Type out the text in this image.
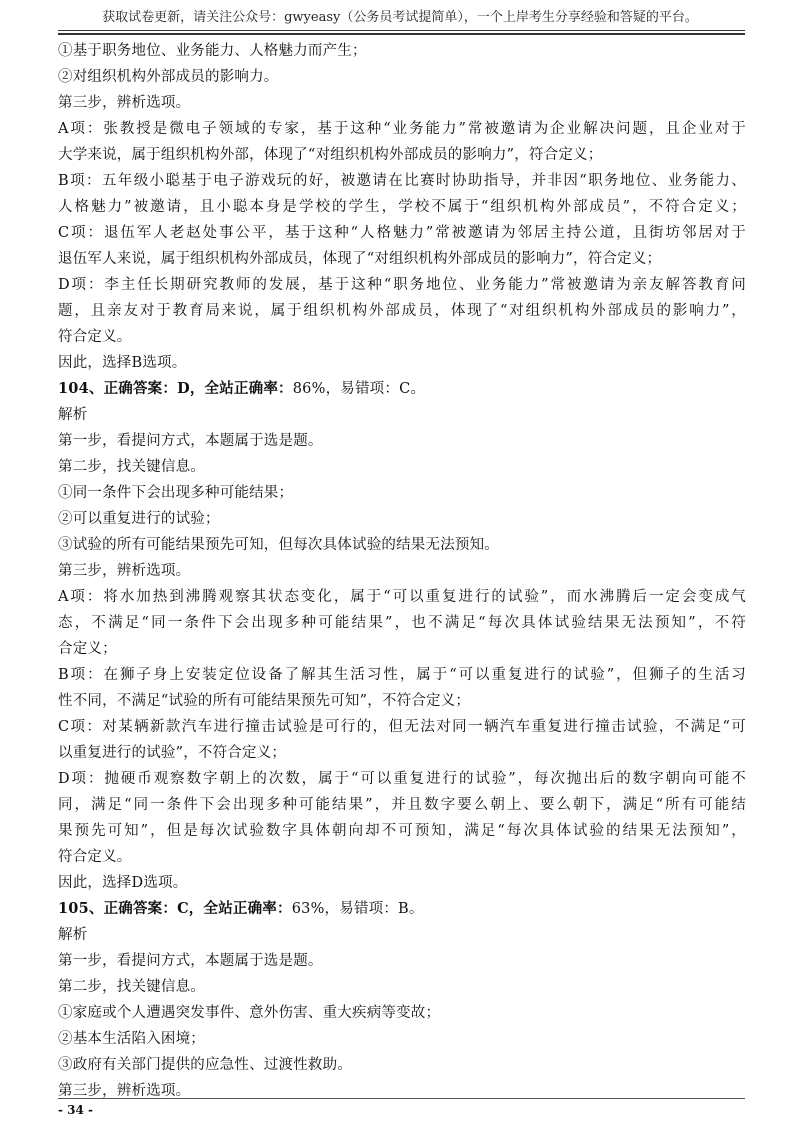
获取试卷更新，请关注公众号：gwyeasy（公务员考试提简单），一个上岸考生分享经验和答疑的平台。
①基于职务地位、业务能力、人格魅力而产生；
②对组织机构外部成员的影响力。
第三步，辨析选项。
A项：张教授是微电子领域的专家，基于这种“业务能力”常被邀请为企业解决问题，且企业对于
大学来说，属于组织机构外部，体现了“对组织机构外部成员的影响力”，符合定义；
B项：五年级小聪基于电子游戏玩的好，被邀请在比赛时协助指导，并非因“职务地位、业务能力、
人格魅力”被邀请，且小聪本身是学校的学生，学校不属于“组织机构外部成员”，不符合定义；
C项：退伍军人老赵处事公平，基于这种“人格魅力”常被邀请为邻居主持公道，且街坊邻居对于
退伍军人来说，属于组织机构外部成员，体现了“对组织机构外部成员的影响力”，符合定义；
D项：李主任长期研究教师的发展，基于这种“职务地位、业务能力”常被邀请为亲友解答教育问
题，且亲友对于教育局来说，属于组织机构外部成员，体现了“对组织机构外部成员的影响力”，
符合定义。
因此，选择B选项。
104、正确答案：D，全站正确率：86%，易错项：C。
解析
第一步，看提问方式，本题属于选是题。
第二步，找关键信息。
①同一条件下会出现多种可能结果；
②可以重复进行的试验；
③试验的所有可能结果预先可知，但每次具体试验的结果无法预知。
第三步，辨析选项。
A项：将水加热到沸腾观察其状态变化，属于“可以重复进行的试验”，而水沸腾后一定会变成气
态，不满足“同一条件下会出现多种可能结果”，也不满足“每次具体试验结果无法预知”，不符
合定义；
B项：在狮子身上安装定位设备了解其生活习性，属于“可以重复进行的试验”，但狮子的生活习
性不同，不满足“试验的所有可能结果预先可知”，不符合定义；
C项：对某辆新款汽车进行撞击试验是可行的，但无法对同一辆汽车重复进行撞击试验，不满足“可
以重复进行的试验”，不符合定义；
D项：抛硬币观察数字朝上的次数，属于“可以重复进行的试验”，每次抛出后的数字朝向可能不
同，满足“同一条件下会出现多种可能结果”，并且数字要么朝上、要么朝下，满足“所有可能结
果预先可知”，但是每次试验数字具体朝向却不可预知，满足“每次具体试验的结果无法预知”，
符合定义。
因此，选择D选项。
105、正确答案：C，全站正确率：63%，易错项：B。
解析
第一步，看提问方式，本题属于选是题。
第二步，找关键信息。
①家庭或个人遭遇突发事件、意外伤害、重大疾病等变故；
②基本生活陷入困境；
③政府有关部门提供的应急性、过渡性救助。
第三步，辨析选项。
- 34 -
